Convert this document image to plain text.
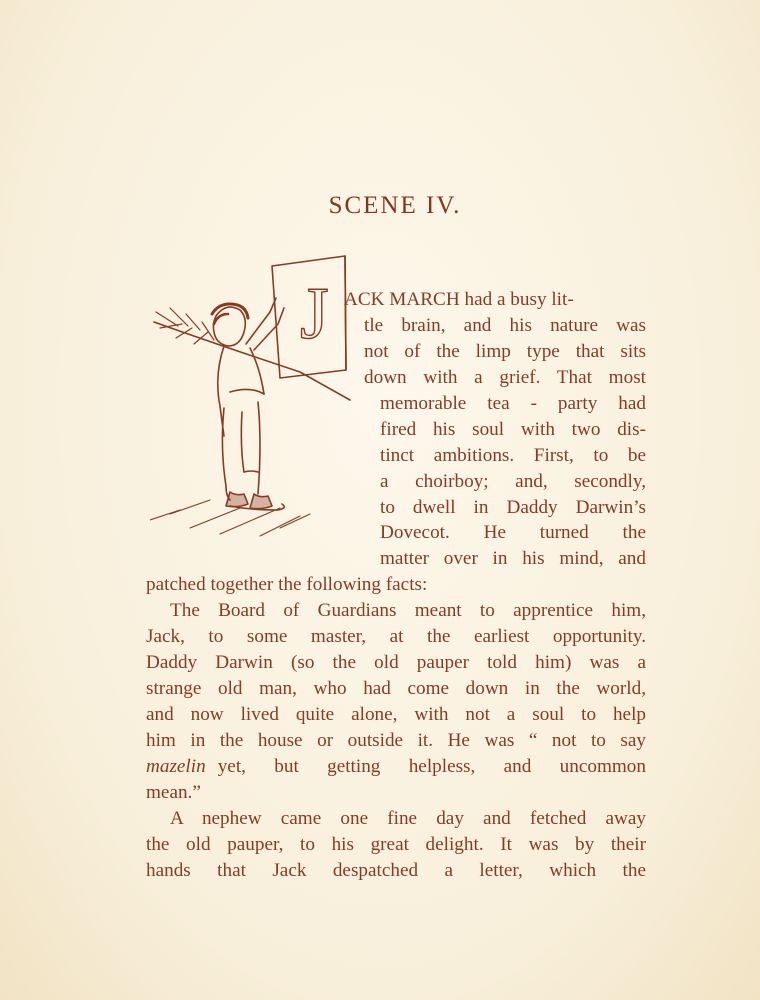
SCENE IV.
J ACK MARCH had a busy lit-
tle brain, and his nature was
not of the limp type that sits
down with a grief. That most
memorable tea - party had
fired his soul with two dis-
tinct ambitions. First, to be
a choirboy; and, secondly,
to dwell in Daddy Darwin’s
Dovecot. He turned the
matter over in his mind, and
patched together the following facts:
The Board of Guardians meant to apprentice him,
Jack, to some master, at the earliest opportunity.
Daddy Darwin (so the old pauper told him) was a
strange old man, who had come down in the world,
and now lived quite alone, with not a soul to help
him in the house or outside it. He was “ not to say
mazelin yet, but getting helpless, and uncommon
mean.”
A nephew came one fine day and fetched away
the old pauper, to his great delight. It was by their
hands that Jack despatched a letter, which the
